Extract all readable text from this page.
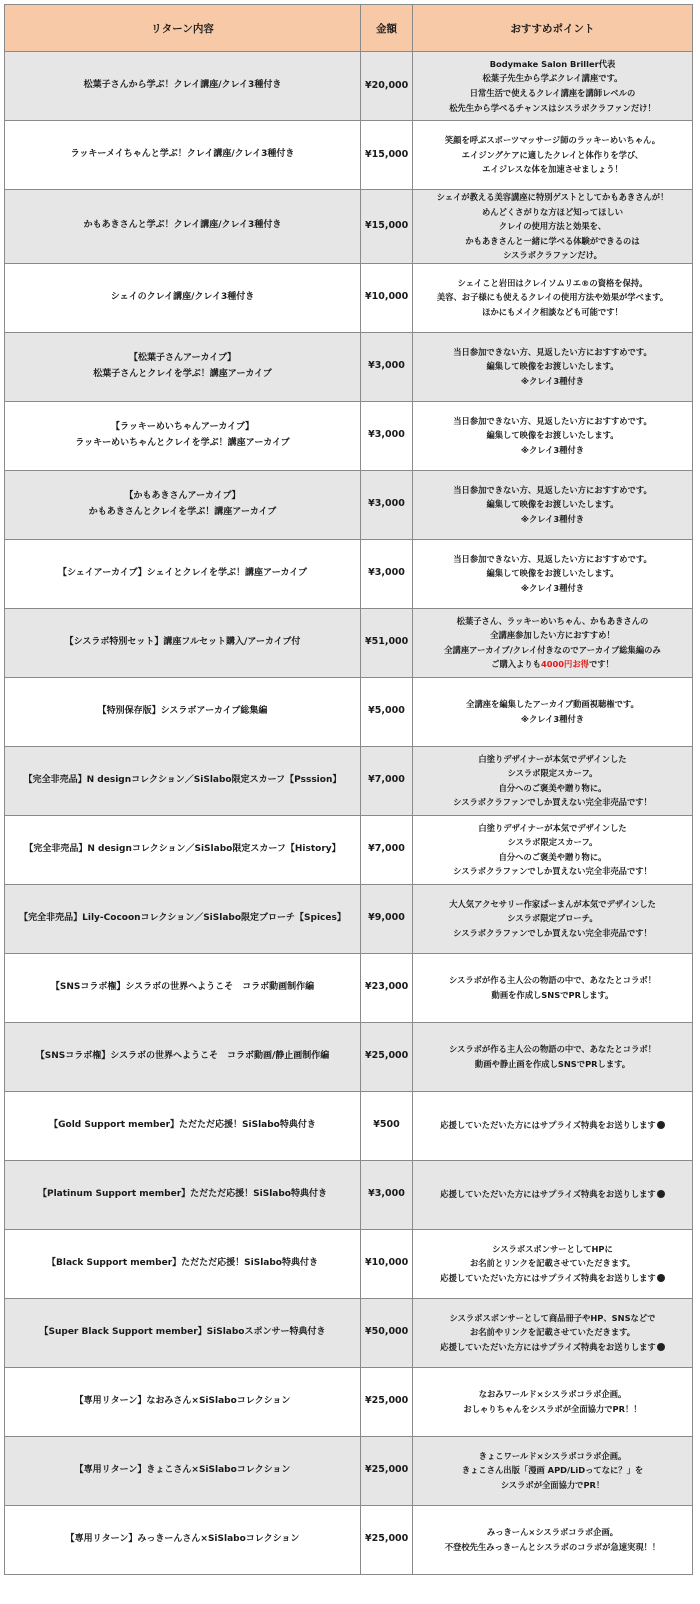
リターン内容	金額	おすすめポイント

松葉子さんから学ぶ！クレイ講座/クレイ3種付き	¥20,000	Bodymake Salon Briller代表
松葉子先生から学ぶクレイ講座です。
日常生活で使えるクレイ講座を講師レベルの
松先生から学べるチャンスはシスラボクラファンだけ！

ラッキーメイちゃんと学ぶ！クレイ講座/クレイ3種付き	¥15,000	笑顔を呼ぶスポーツマッサージ師のラッキーめいちゃん。
エイジングケアに適したクレイと体作りを学び、
エイジレスな体を加速させましょう！

かもあきさんと学ぶ！クレイ講座/クレイ3種付き	¥15,000	シェイが教える美容講座に特別ゲストとしてかもあきさんが！
めんどくさがりな方ほど知ってほしい
クレイの使用方法と効果を、
かもあきさんと一緒に学べる体験ができるのは
シスラボクラファンだけ。

シェイのクレイ講座/クレイ3種付き	¥10,000	シェイこと岩田はクレイソムリエ®の資格を保持。
美容、お子様にも使えるクレイの使用方法や効果が学べます。
ほかにもメイク相談なども可能です！

【松葉子さんアーカイブ】
松葉子さんとクレイを学ぶ！講座アーカイブ	¥3,000	当日参加できない方、見返したい方におすすめです。
編集して映像をお渡しいたします。
※クレイ3種付き

【ラッキーめいちゃんアーカイブ】
ラッキーめいちゃんとクレイを学ぶ！講座アーカイブ	¥3,000	当日参加できない方、見返したい方におすすめです。
編集して映像をお渡しいたします。
※クレイ3種付き

【かもあきさんアーカイブ】
かもあきさんとクレイを学ぶ！講座アーカイブ	¥3,000	当日参加できない方、見返したい方におすすめです。
編集して映像をお渡しいたします。
※クレイ3種付き

【シェイアーカイブ】シェイとクレイを学ぶ！講座アーカイブ	¥3,000	当日参加できない方、見返したい方におすすめです。
編集して映像をお渡しいたします。
※クレイ3種付き

【シスラボ特別セット】講座フルセット購入/アーカイブ付	¥51,000	松葉子さん、ラッキーめいちゃん、かもあきさんの
全講座参加したい方におすすめ！
全講座アーカイブ/クレイ付きなのでアーカイブ総集編のみ
ご購入よりも4000円お得です！

【特別保存版】シスラボアーカイブ総集編	¥5,000	全講座を編集したアーカイブ動画視聴権です。
※クレイ3種付き

【完全非売品】N designコレクション／SiSlabo限定スカーフ【Psssion】	¥7,000	白塗りデザイナーが本気でデザインした
シスラボ限定スカーフ。
自分へのご褒美や贈り物に。
シスラボクラファンでしか買えない完全非売品です！

【完全非売品】N designコレクション／SiSlabo限定スカーフ【History】	¥7,000	白塗りデザイナーが本気でデザインした
シスラボ限定スカーフ。
自分へのご褒美や贈り物に。
シスラボクラファンでしか買えない完全非売品です！

【完全非売品】Lily-Cocoonコレクション／SiSlabo限定ブローチ【Spices】	¥9,000	大人気アクセサリー作家ぱーまんが本気でデザインした
シスラボ限定ブローチ。
シスラボクラファンでしか買えない完全非売品です！

【SNSコラボ権】シスラボの世界へようこそ　コラボ動画制作編	¥23,000	シスラボが作る主人公の物語の中で、あなたとコラボ！
動画を作成しSNSでPRします。

【SNSコラボ権】シスラボの世界へようこそ　コラボ動画/静止画制作編	¥25,000	シスラボが作る主人公の物語の中で、あなたとコラボ！
動画や静止画を作成しSNSでPRします。

【Gold Support member】ただただ応援！SiSlabo特典付き	¥500	応援していただいた方にはサプライズ特典をお送りします

【Platinum Support member】ただただ応援！SiSlabo特典付き	¥3,000	応援していただいた方にはサプライズ特典をお送りします

【Black Support member】ただただ応援！SiSlabo特典付き	¥10,000	シスラボスポンサーとしてHPに
お名前とリンクを記載させていただきます。
応援していただいた方にはサプライズ特典をお送りします

【Super Black Support member】SiSlaboスポンサー特典付き	¥50,000	シスラボスポンサーとして商品冊子やHP、SNSなどで
お名前やリンクを記載させていただきます。
応援していただいた方にはサプライズ特典をお送りします

【専用リターン】なおみさん×SiSlaboコレクション	¥25,000	なおみワールド×シスラボコラボ企画。
おしゃりちゃんをシスラボが全面協力でPR！！

【専用リターン】きょこさん×SiSlaboコレクション	¥25,000	きょこワールド×シスラボコラボ企画。
きょこさん出版「漫画 APD/LiDってなに？」を
シスラボが全面協力でPR！

【専用リターン】みっきーんさん×SiSlaboコレクション	¥25,000	みっきーん×シスラボコラボ企画。
不登校先生みっきーんとシスラボのコラボが急速実現！！
